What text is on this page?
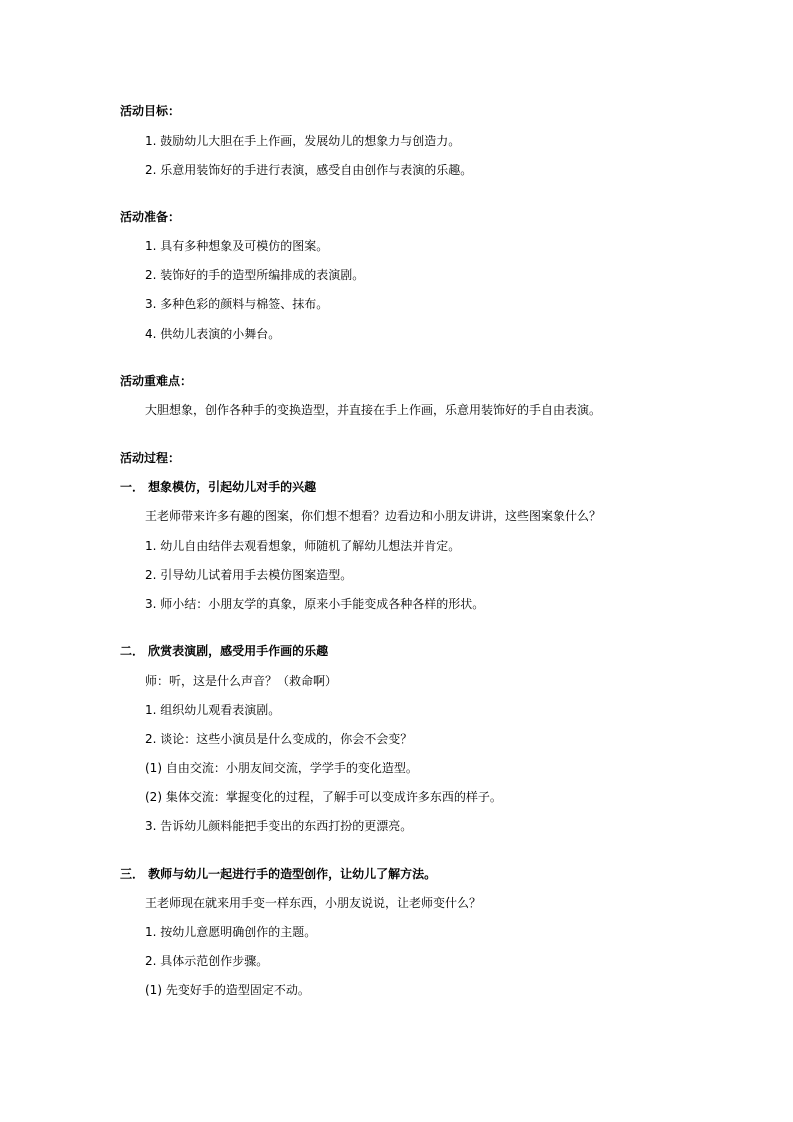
活动目标：
1. 鼓励幼儿大胆在手上作画，发展幼儿的想象力与创造力。
2. 乐意用装饰好的手进行表演，感受自由创作与表演的乐趣。
活动准备：
1. 具有多种想象及可模仿的图案。
2. 装饰好的手的造型所编排成的表演剧。
3. 多种色彩的颜料与棉签、抹布。
4. 供幼儿表演的小舞台。
活动重难点：
大胆想象，创作各种手的变换造型，并直接在手上作画，乐意用装饰好的手自由表演。
活动过程：
一． 想象模仿，引起幼儿对手的兴趣
王老师带来许多有趣的图案，你们想不想看？边看边和小朋友讲讲，这些图案象什么？
1. 幼儿自由结伴去观看想象，师随机了解幼儿想法并肯定。
2. 引导幼儿试着用手去模仿图案造型。
3. 师小结：小朋友学的真象，原来小手能变成各种各样的形状。
二． 欣赏表演剧，感受用手作画的乐趣
师：听，这是什么声音？（救命啊）
1. 组织幼儿观看表演剧。
2. 谈论：这些小演员是什么变成的，你会不会变？
(1) 自由交流：小朋友间交流，学学手的变化造型。
(2) 集体交流：掌握变化的过程，了解手可以变成许多东西的样子。
3. 告诉幼儿颜料能把手变出的东西打扮的更漂亮。
三． 教师与幼儿一起进行手的造型创作，让幼儿了解方法。
王老师现在就来用手变一样东西，小朋友说说，让老师变什么？
1. 按幼儿意愿明确创作的主题。
2. 具体示范创作步骤。
(1) 先变好手的造型固定不动。
